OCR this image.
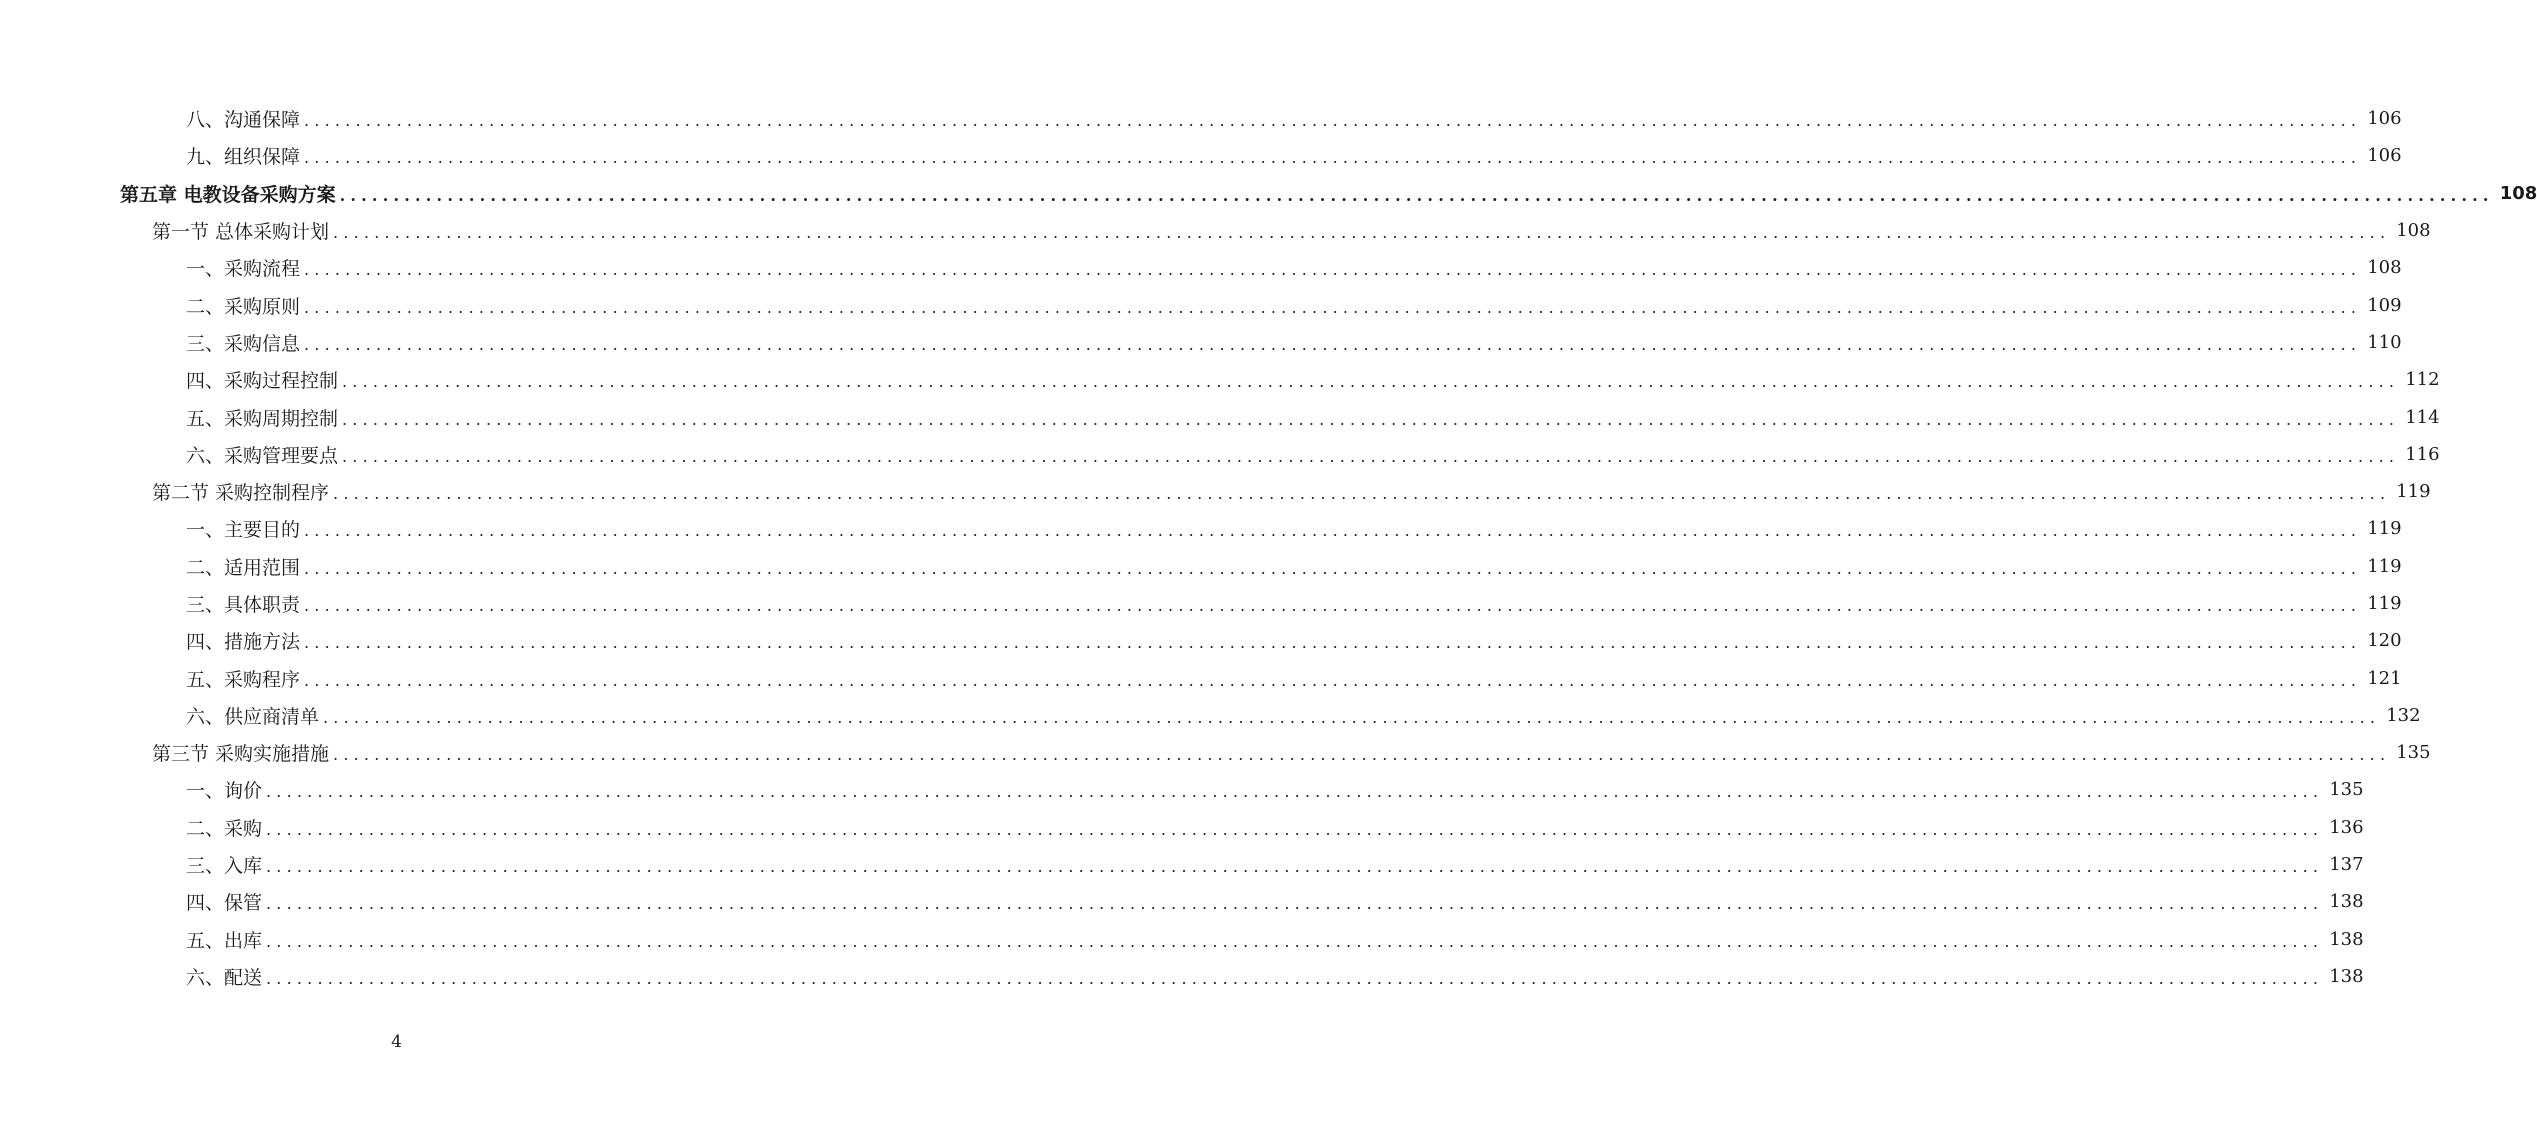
八、沟通保障 ........................................................................................................................................................................................................ 106
九、组织保障 ........................................................................................................................................................................................................ 106
第五章 电教设备采购方案 ........................................................................................................................................................................................................ 108
第一节 总体采购计划 ........................................................................................................................................................................................................ 108
一、采购流程 ........................................................................................................................................................................................................ 108
二、采购原则 ........................................................................................................................................................................................................ 109
三、采购信息 ........................................................................................................................................................................................................ 110
四、采购过程控制 ........................................................................................................................................................................................................ 112
五、采购周期控制 ........................................................................................................................................................................................................ 114
六、采购管理要点 ........................................................................................................................................................................................................ 116
第二节 采购控制程序 ........................................................................................................................................................................................................ 119
一、主要目的 ........................................................................................................................................................................................................ 119
二、适用范围 ........................................................................................................................................................................................................ 119
三、具体职责 ........................................................................................................................................................................................................ 119
四、措施方法 ........................................................................................................................................................................................................ 120
五、采购程序 ........................................................................................................................................................................................................ 121
六、供应商清单 ........................................................................................................................................................................................................ 132
第三节 采购实施措施 ........................................................................................................................................................................................................ 135
一、询价 ........................................................................................................................................................................................................ 135
二、采购 ........................................................................................................................................................................................................ 136
三、入库 ........................................................................................................................................................................................................ 137
四、保管 ........................................................................................................................................................................................................ 138
五、出库 ........................................................................................................................................................................................................ 138
六、配送 ........................................................................................................................................................................................................ 138
4
